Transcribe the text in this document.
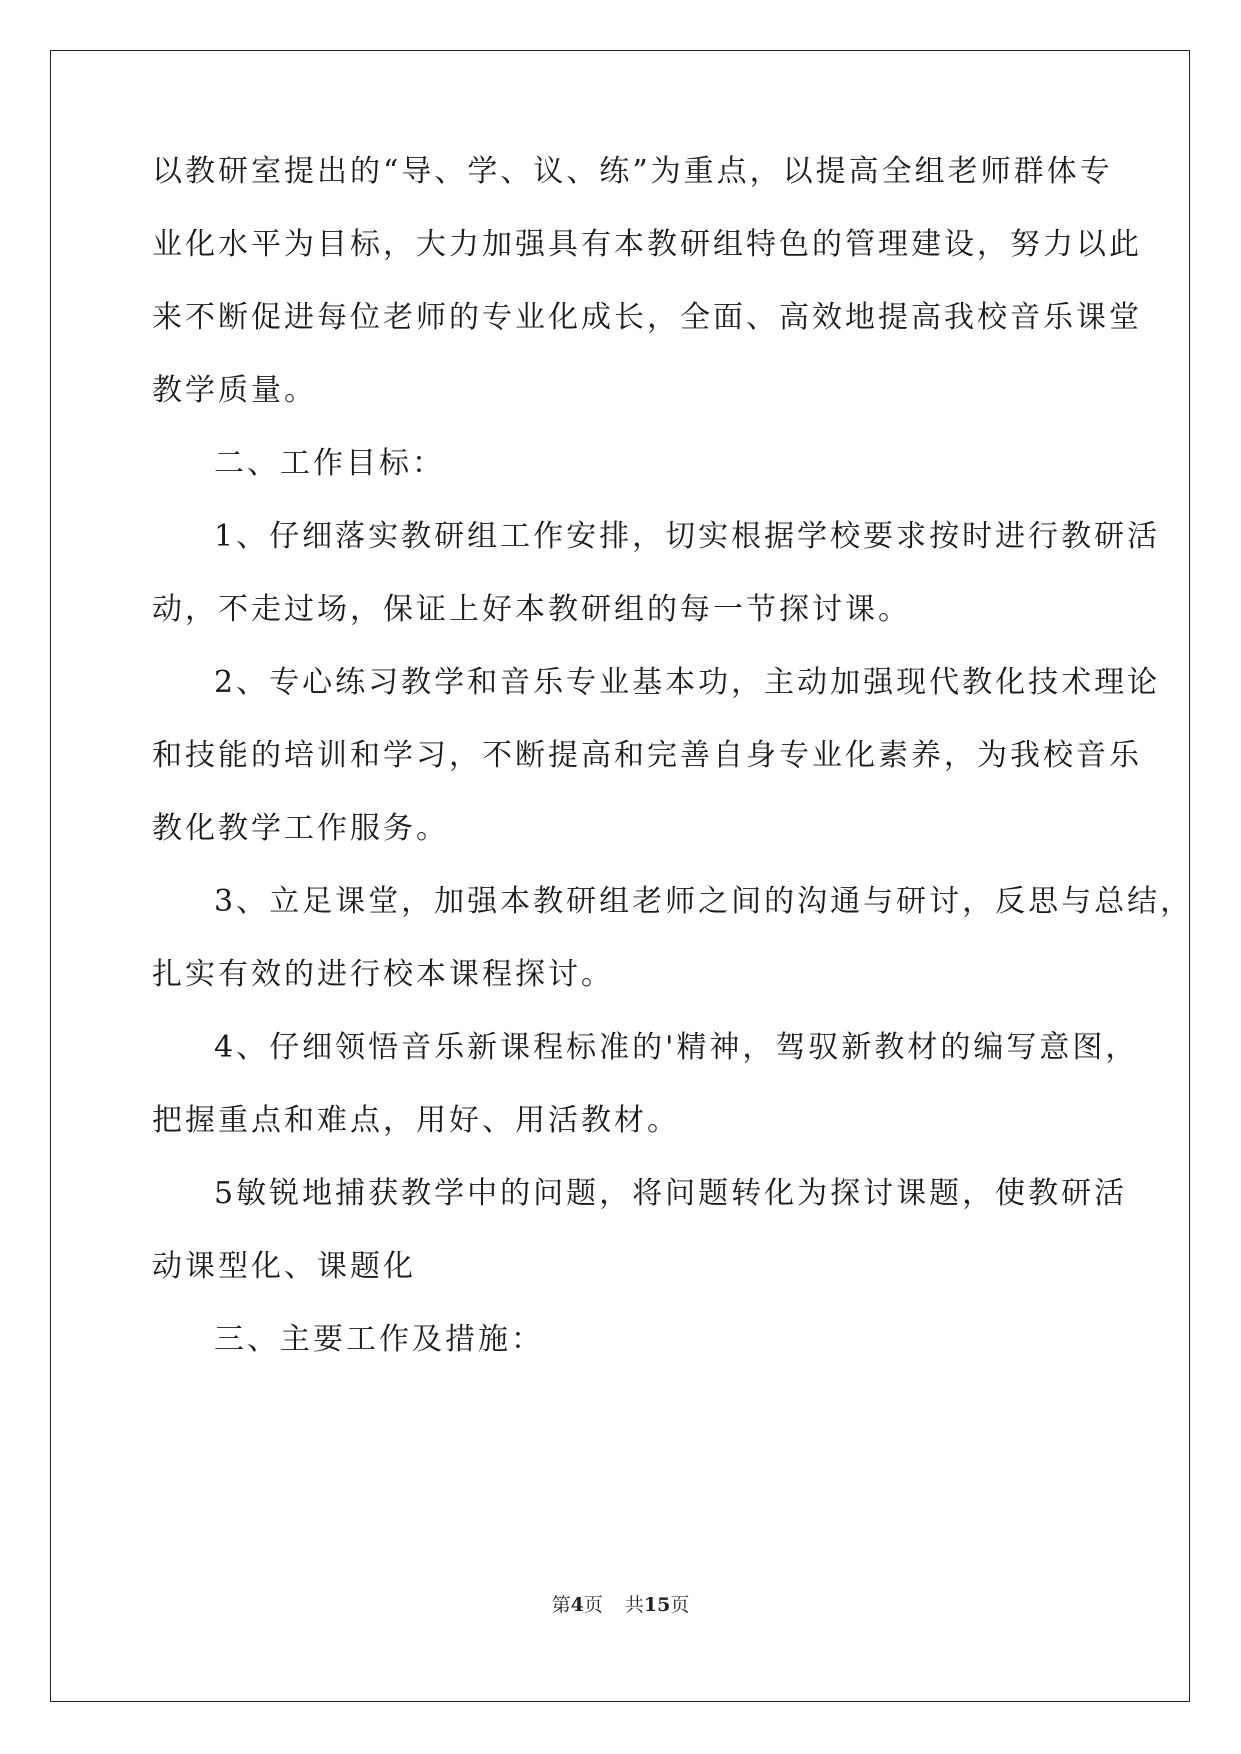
以教研室提出的“导、学、议、练”为重点，以提高全组老师群体专
业化水平为目标，大力加强具有本教研组特色的管理建设，努力以此
来不断促进每位老师的专业化成长，全面、高效地提高我校音乐课堂
教学质量。
二、工作目标：
1、仔细落实教研组工作安排，切实根据学校要求按时进行教研活
动，不走过场，保证上好本教研组的每一节探讨课。
2、专心练习教学和音乐专业基本功，主动加强现代教化技术理论
和技能的培训和学习，不断提高和完善自身专业化素养，为我校音乐
教化教学工作服务。
3、立足课堂，加强本教研组老师之间的沟通与研讨，反思与总结，
扎实有效的进行校本课程探讨。
4、仔细领悟音乐新课程标准的'精神，驾驭新教材的编写意图，
把握重点和难点，用好、用活教材。
5敏锐地捕获教学中的问题，将问题转化为探讨课题，使教研活
动课型化、课题化
三、主要工作及措施：
第4页 共15页
